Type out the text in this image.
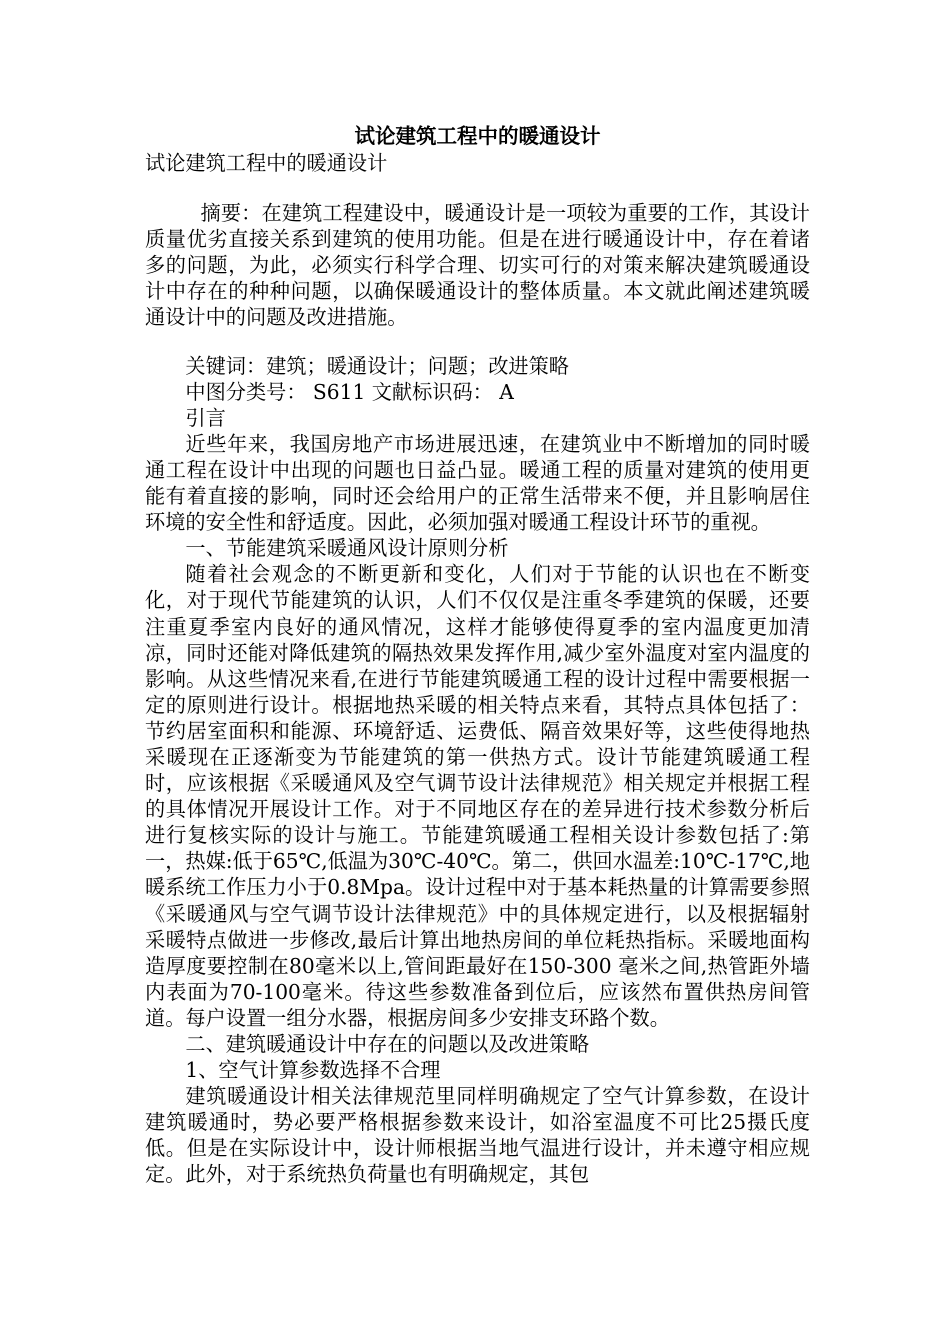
试论建筑工程中的暖通设计

试论建筑工程中的暖通设计

摘要：在建筑工程建设中，暖通设计是一项较为重要的工作，其设计质量优劣直接关系到建筑的使用功能。但是在进行暖通设计中，存在着诸多的问题，为此，必须实行科学合理、切实可行的对策来解决建筑暖通设计中存在的种种问题，以确保暖通设计的整体质量。本文就此阐述建筑暖通设计中的问题及改进措施。

关键词：建筑；暖通设计；问题；改进策略

中图分类号： S611 文献标识码： A

引言

近些年来，我国房地产市场进展迅速，在建筑业中不断增加的同时暖通工程在设计中出现的问题也日益凸显。暖通工程的质量对建筑的使用更能有着直接的影响，同时还会给用户的正常生活带来不便，并且影响居住环境的安全性和舒适度。因此，必须加强对暖通工程设计环节的重视。

一、节能建筑采暖通风设计原则分析

随着社会观念的不断更新和变化，人们对于节能的认识也在不断变化，对于现代节能建筑的认识，人们不仅仅是注重冬季建筑的保暖，还要注重夏季室内良好的通风情况，这样才能够使得夏季的室内温度更加清凉，同时还能对降低建筑的隔热效果发挥作用,减少室外温度对室内温度的影响。从这些情况来看,在进行节能建筑暖通工程的设计过程中需要根据一定的原则进行设计。根据地热采暖的相关特点来看，其特点具体包括了：节约居室面积和能源、环境舒适、运费低、隔音效果好等，这些使得地热采暖现在正逐渐变为节能建筑的第一供热方式。设计节能建筑暖通工程时，应该根据《采暖通风及空气调节设计法律规范》相关规定并根据工程的具体情况开展设计工作。对于不同地区存在的差异进行技术参数分析后进行复核实际的设计与施工。节能建筑暖通工程相关设计参数包括了:第一，热媒:低于65℃,低温为30℃-40℃。第二，供回水温差:10℃-17℃,地暖系统工作压力小于0.8Mpa。设计过程中对于基本耗热量的计算需要参照《采暖通风与空气调节设计法律规范》中的具体规定进行，以及根据辐射采暖特点做进一步修改,最后计算出地热房间的单位耗热指标。采暖地面构造厚度要控制在80毫米以上,管间距最好在150-300 毫米之间,热管距外墙内表面为70-100毫米。待这些参数准备到位后，应该然布置供热房间管道。每户设置一组分水器，根据房间多少安排支环路个数。

二、建筑暖通设计中存在的问题以及改进策略

1、空气计算参数选择不合理

建筑暖通设计相关法律规范里同样明确规定了空气计算参数，在设计建筑暖通时，势必要严格根据参数来设计，如浴室温度不可比25摄氏度低。但是在实际设计中，设计师根据当地气温进行设计，并未遵守相应规定。此外，对于系统热负荷量也有明确规定，其包
